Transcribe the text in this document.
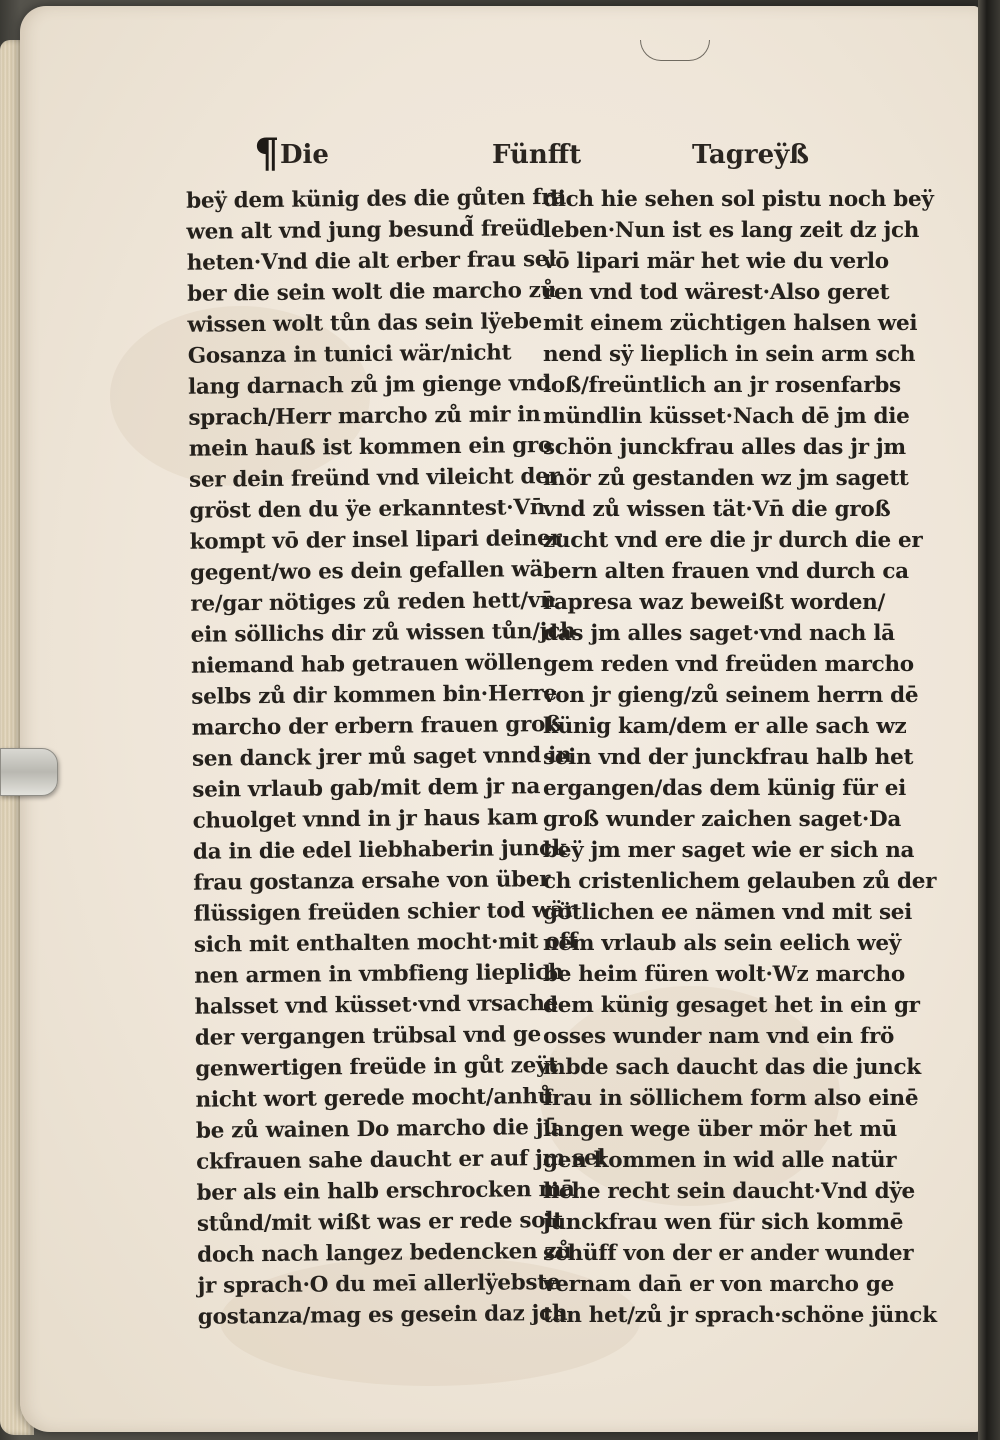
¶ Die	Fünfft	Tagreÿß
beÿ dem künig des die gůten fra
wen alt vnd jung besund̃ freüd
heten·Vnd die alt erber frau sel
ber die sein wolt die marcho zů
wissen wolt tůn das sein lÿebe
Gosanza in tunici wär/nicht
lang darnach zů jm gienge vnd
sprach/Herr marcho zů mir in
mein hauß ist kommen ein gro
ser dein freünd vnd vileicht der
gröst den du ÿe erkanntest·Vn̄
kompt vō der insel lipari deiner
gegent/wo es dein gefallen wä
re/gar nötiges zů reden hett/vn̄
ein söllichs dir zů wissen tůn/jch
niemand hab getrauen wöllen
selbs zů dir kommen bin·Herre
marcho der erbern frauen groß
sen danck jrer mů saget vnnd in
sein vrlaub gab/mit dem jr na
chuolget vnnd in jr haus kam
da in die edel liebhaberin junck
frau gostanza ersahe von über
flüssigen freüden schier tod wär
sich mit enthalten mocht·mit off
nen armen in vmbfieng lieplich
halsset vnd küsset·vnd vrsache
der vergangen trübsal vnd ge
genwertigen freüde in gůt zeÿt
nicht wort gerede mocht/anhů
be zů wainen Do marcho die jū
ckfrauen sahe daucht er auf jm sel
ber als ein halb erschrocken mā
stůnd/mit wißt was er rede solt
doch nach langez bedencken zů
jr sprach·O du meī allerlÿebste
gostanza/mag es gesein daz jch
dich hie sehen sol pistu noch beÿ
leben·Nun ist es lang zeit dz jch
vō lipari mär het wie du verlo
ren vnd tod wärest·Also geret
mit einem züchtigen halsen wei
nend sÿ lieplich in sein arm sch
loß/freüntlich an jr rosenfarbs
mündlin küsset·Nach dē jm die
schön junckfrau alles das jr jm
mör zů gestanden wz jm sagett
vnd zů wissen tät·Vn̄ die groß
zucht vnd ere die jr durch die er
bern alten frauen vnd durch ca
rapresa waz beweißt worden/
das jm alles saget·vnd nach lā
gem reden vnd freüden marcho
von jr gieng/zů seinem herrn dē
künig kam/dem er alle sach wz
sein vnd der junckfrau halb het
ergangen/das dem künig für ei
groß wunder zaichen saget·Da
beÿ jm mer saget wie er sich na
ch cristenlichem gelauben zů der
götlichen ee nämen vnd mit sei
nem vrlaub als sein eelich weÿ
be heim füren wolt·Wz marcho
dem künig gesaget het in ein gr
osses wunder nam vnd ein frö
mbde sach daucht das die junck
frau in söllichem form also einē
langen wege über mör het mū
gen kommen in wid alle natür
liche recht sein daucht·Vnd dÿe
junckfrau wen für sich kommē
schüff von der er ander wunder
vernam dan̄ er von marcho ge
tan het/zů jr sprach·schöne jünck
